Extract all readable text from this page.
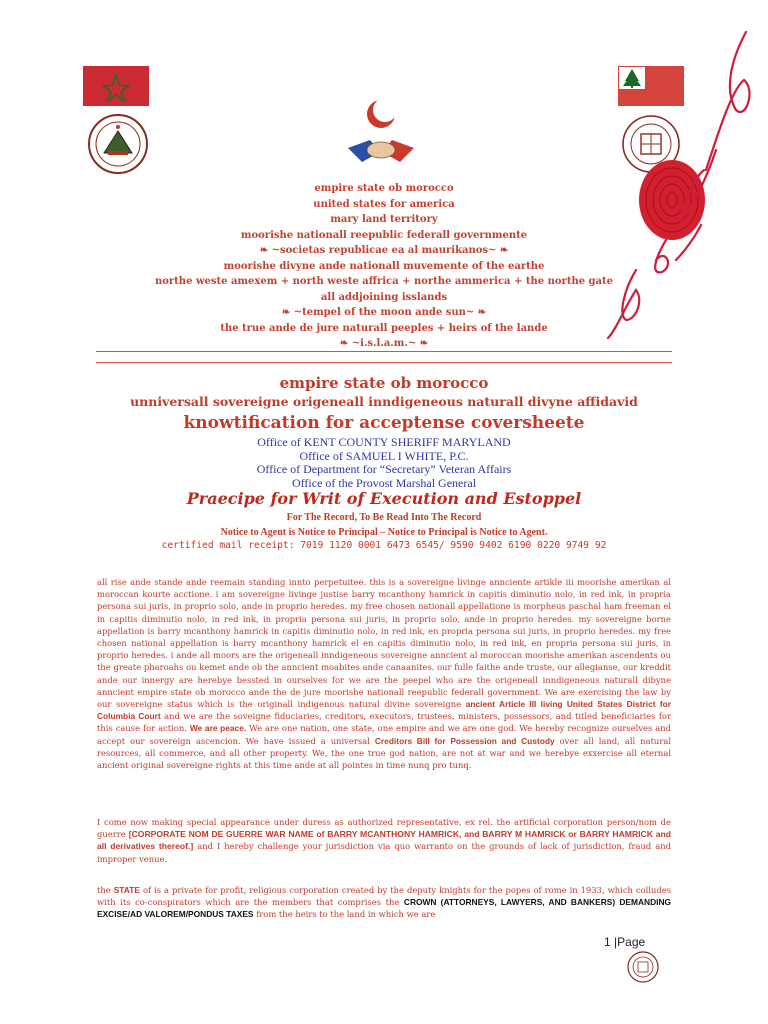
empire state ob morocco
united states for america
mary land territory
moorishe nationall reepublic federall governmente
❧ ~societas republicae ea al maurikanos~ ❧
moorishe divyne ande nationall muvemente of the earthe
northe weste amexem + north weste affrica + northe ammerica + the northe gate
all addjoining isslands
❧ ~tempel of the moon ande sun~ ❧
the true ande de jure naturall peeples + heirs of the lande
❧ ~i.s.l.a.m.~ ❧
empire state ob morocco
unniversall sovereigne origeneall inndigeneous naturall divyne affidavid
knowtification for acceptense coversheete
Office of KENT COUNTY SHERIFF MARYLAND
Office of SAMUEL I WHITE, P.C.
Office of Department for “Secretary” Veteran Affairs
Office of the Provost Marshal General
Praecipe for Writ of Execution and Estoppel
For The Record, To Be Read Into The Record
Notice to Agent is Notice to Principal – Notice to Principal is Notice to Agent.
certified mail receipt: 7019 1120 0001 6473 6545/ 9590 9402 6190 0220 9749 92
all rise ande stande ande reemain standing innto perpetuitee. this is a sovereigne livinge annciente artikle iii moorishe amerikan al moroccan kourte acctione. i am sovereigne livinge justise barry mcanthony hamrick in capitis diminutio nolo, in red ink, in propria persona sui juris, in proprio solo, ande in proprio heredes. my free chosen nationall appellatione is morpheus paschal ham freeman el in capitis diminutio nolo, in red ink, in propria persona sui juris, in proprio solo, ande in proprio heredes. my sovereigne borne appellation is barry mcanthony hamrick in capitis diminutio nolo, in red ink, en propria persona sui juris, in proprio heredes. my free chosen national appellation is barry mcanthony hamrick el en capitis diminutio nolo, in red ink, en propria persona sui juris, in proprio heredes. i ande all moors are the origeneall inndigeneous sovereigne anncient al moroccan moorishe amerikan ascendents ou the greate pharoahs ou kemet ande ob the anncient moabites ande canaanites. our fulle faithe ande truste, our allegianse, our kreddit ande our innergy are herebye bessted in ourselves for we are the peepel who are the origeneall inndigeneous naturall dibyne anncient empire state ob morocco ande the de jure moorishe nationall reepublic federall government. We are exercising the law by our sovereigne status which is the originall indigenous natural divine sovereigne ancient Article III living United States District for Columbia Court and we are the soveigne fiduciaries, creditors, executors, trustees, ministers, possessors, and titled beneficiaries for this cause for action. We are peace. We are one nation, one state, one empire and we are one god. We hereby recognize ourselves and accept our sovereign ascencion. We have issued a universal Creditors Bill for Possession and Custody over all land, all natural resources, all commerce, and all other property. We, the one true god nation, are not at war and we herebye exxercise all eternal ancient original sovereigne rights at this time ande at all pointes in time nunq pro tunq.
I come now making special appearance under duress as authorized representative, ex rel. the artificial corporation person/nom de guerre [CORPORATE NOM DE GUERRE WAR NAME of BARRY MCANTHONY HAMRICK, and BARRY M HAMRICK or BARRY HAMRICK and all derivatives thereof.] and I hereby challenge your jurisdiction via quo warranto on the grounds of lack of jurisdiction, fraud and improper venue.
the STATE of is a private for profit, religious corporation created by the deputy knights for the popes of rome in 1933, which colludes with its co-conspirators which are the members that comprises the CROWN (ATTORNEYS, LAWYERS, AND BANKERS) DEMANDING EXCISE/AD VALOREM/PONDUS TAXES from the heirs to the land in which we are
1 |Page
